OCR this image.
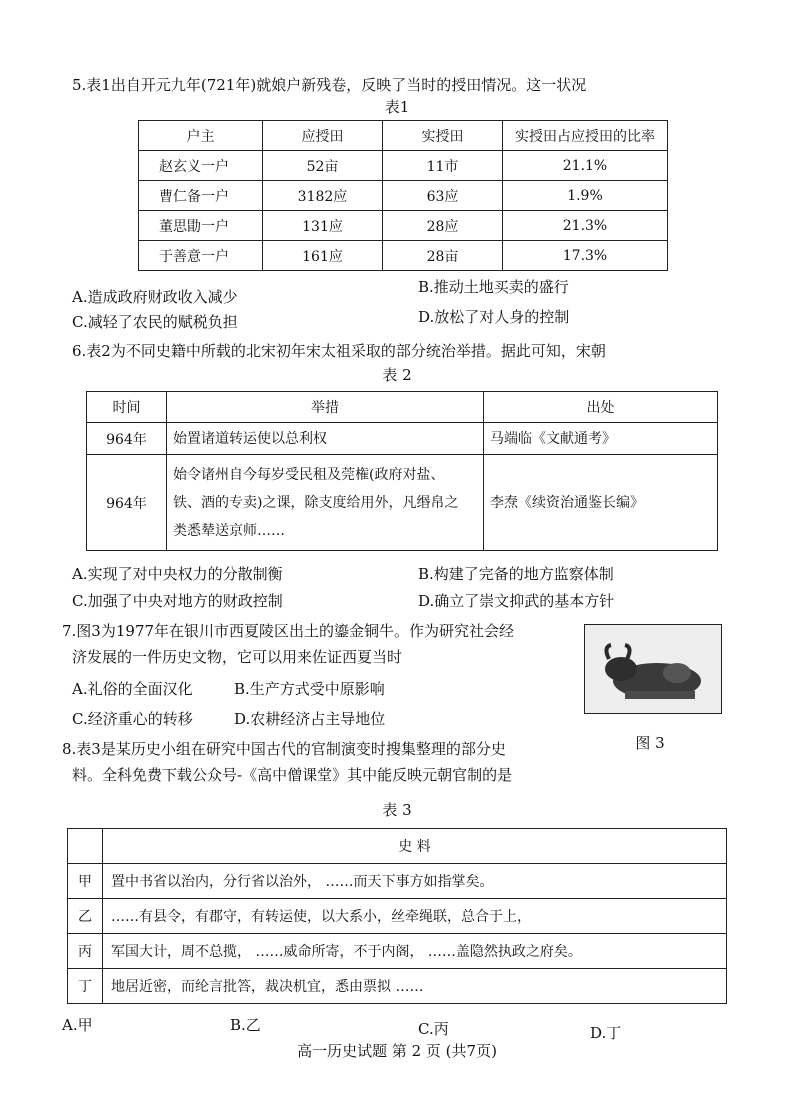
5.表1出自开元九年(721年)就娘户新残卷，反映了当时的授田情况。这一状况
表1
户主	应授田	实授田	实授田占应授田的比率
赵玄义一户	52亩	11市	21.1%
曹仁备一户	3182应	63应	1.9%
董思勖一户	131应	28应	21.3%
于善意一户	161应	28亩	17.3%
A.造成政府财政收入减少
B.推动土地买卖的盛行
C.减轻了农民的赋税负担	D.放松了对人身的控制
6.表2为不同史籍中所载的北宋初年宋太祖采取的部分统治举措。据此可知，宋朝
表 2
时间	举措	出处
964年	始置诸道转运使以总利权	马端临《文献通考》
964年	始令诸州自今每岁受民租及莞権(政府对盐、
铁、酒的专卖)之课，除支度给用外，凡缗帛之
类悉辇送京师……	李焘《续资治通鉴长编》
A.实现了对中央权力的分散制衡	B.构建了完备的地方监察体制
C.加强了中央对地方的财政控制	D.确立了崇文抑武的基本方针
7.图3为1977年在银川市西夏陵区出土的鎏金铜牛。作为研究社会经
济发展的一件历史文物，它可以用来佐证西夏当时
A.礼俗的全面汉化	B.生产方式受中原影响
C.经济重心的转移	D.农耕经济占主导地位
图 3
8.表3是某历史小组在研究中国古代的官制演变时搜集整理的部分史
料。全科免费下载公众号-《高中僧课堂》其中能反映元朝官制的是
表 3
	史 料
甲	置中书省以治内，分行省以治外， ……而天下事方如指掌矣。
乙	……有县令，有郡守，有转运使，以大系小，丝牵绳联，总合于上，
丙	军国大计，周不总揽， ……威命所寄，不于内阁， ……盖隐然执政之府矣。
丁	地居近密，而纶言批答，裁决机宜，悉由票拟 ……
A.甲	B.乙	C.丙	D.丁
高一历史试题 第 2 页 (共7页)
